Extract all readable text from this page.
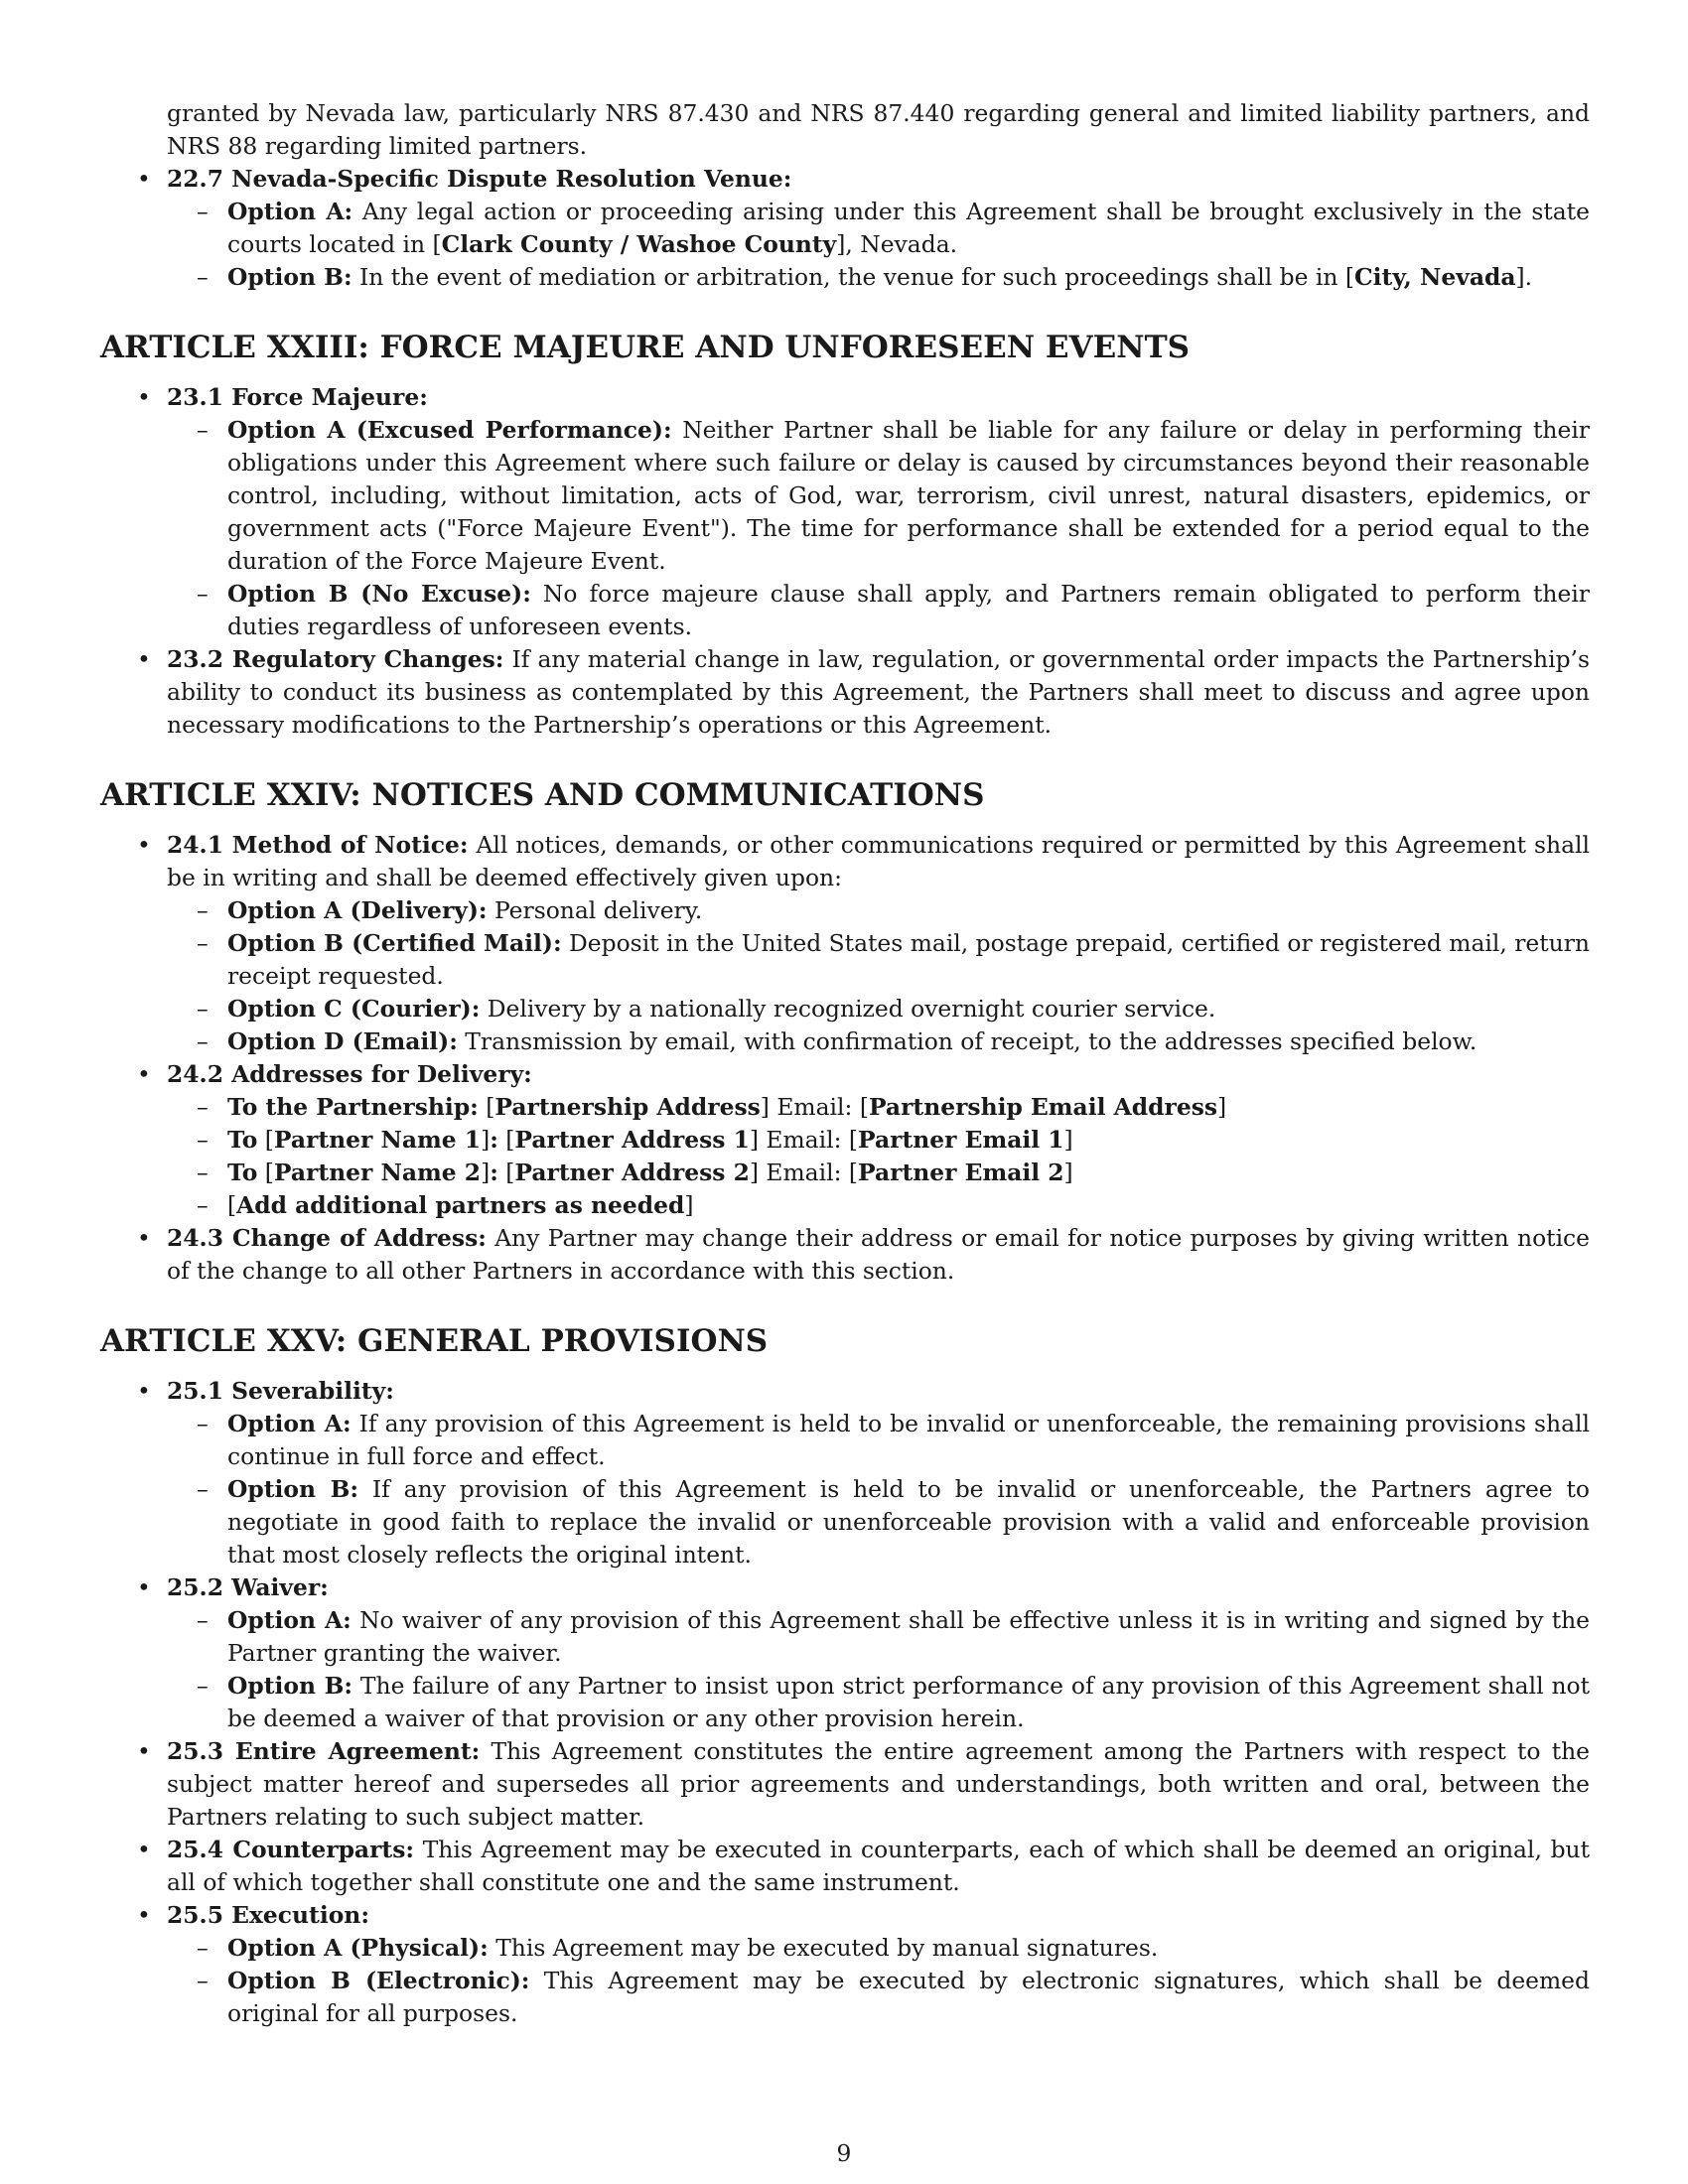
granted by Nevada law, particularly NRS 87.430 and NRS 87.440 regarding general and limited liability partners, and NRS 88 regarding limited partners.
• 22.7 Nevada-Specific Dispute Resolution Venue:
– Option A: Any legal action or proceeding arising under this Agreement shall be brought exclusively in the state courts located in [Clark County / Washoe County], Nevada.
– Option B: In the event of mediation or arbitration, the venue for such proceedings shall be in [City, Nevada].
ARTICLE XXIII: FORCE MAJEURE AND UNFORESEEN EVENTS
• 23.1 Force Majeure:
– Option A (Excused Performance): Neither Partner shall be liable for any failure or delay in performing their obligations under this Agreement where such failure or delay is caused by circumstances beyond their reasonable control, including, without limitation, acts of God, war, terrorism, civil unrest, natural disasters, epidemics, or government acts ("Force Majeure Event"). The time for performance shall be extended for a period equal to the duration of the Force Majeure Event.
– Option B (No Excuse): No force majeure clause shall apply, and Partners remain obligated to perform their duties regardless of unforeseen events.
• 23.2 Regulatory Changes: If any material change in law, regulation, or governmental order impacts the Partnership’s ability to conduct its business as contemplated by this Agreement, the Partners shall meet to discuss and agree upon necessary modifications to the Partnership’s operations or this Agreement.
ARTICLE XXIV: NOTICES AND COMMUNICATIONS
• 24.1 Method of Notice: All notices, demands, or other communications required or permitted by this Agreement shall be in writing and shall be deemed effectively given upon:
– Option A (Delivery): Personal delivery.
– Option B (Certified Mail): Deposit in the United States mail, postage prepaid, certified or registered mail, return receipt requested.
– Option C (Courier): Delivery by a nationally recognized overnight courier service.
– Option D (Email): Transmission by email, with confirmation of receipt, to the addresses specified below.
• 24.2 Addresses for Delivery:
– To the Partnership: [Partnership Address] Email: [Partnership Email Address]
– To [Partner Name 1]: [Partner Address 1] Email: [Partner Email 1]
– To [Partner Name 2]: [Partner Address 2] Email: [Partner Email 2]
– [Add additional partners as needed]
• 24.3 Change of Address: Any Partner may change their address or email for notice purposes by giving written notice of the change to all other Partners in accordance with this section.
ARTICLE XXV: GENERAL PROVISIONS
• 25.1 Severability:
– Option A: If any provision of this Agreement is held to be invalid or unenforceable, the remaining provisions shall continue in full force and effect.
– Option B: If any provision of this Agreement is held to be invalid or unenforceable, the Partners agree to negotiate in good faith to replace the invalid or unenforceable provision with a valid and enforceable provision that most closely reflects the original intent.
• 25.2 Waiver:
– Option A: No waiver of any provision of this Agreement shall be effective unless it is in writing and signed by the Partner granting the waiver.
– Option B: The failure of any Partner to insist upon strict performance of any provision of this Agreement shall not be deemed a waiver of that provision or any other provision herein.
• 25.3 Entire Agreement: This Agreement constitutes the entire agreement among the Partners with respect to the subject matter hereof and supersedes all prior agreements and understandings, both written and oral, between the Partners relating to such subject matter.
• 25.4 Counterparts: This Agreement may be executed in counterparts, each of which shall be deemed an original, but all of which together shall constitute one and the same instrument.
• 25.5 Execution:
– Option A (Physical): This Agreement may be executed by manual signatures.
– Option B (Electronic): This Agreement may be executed by electronic signatures, which shall be deemed original for all purposes.
9
